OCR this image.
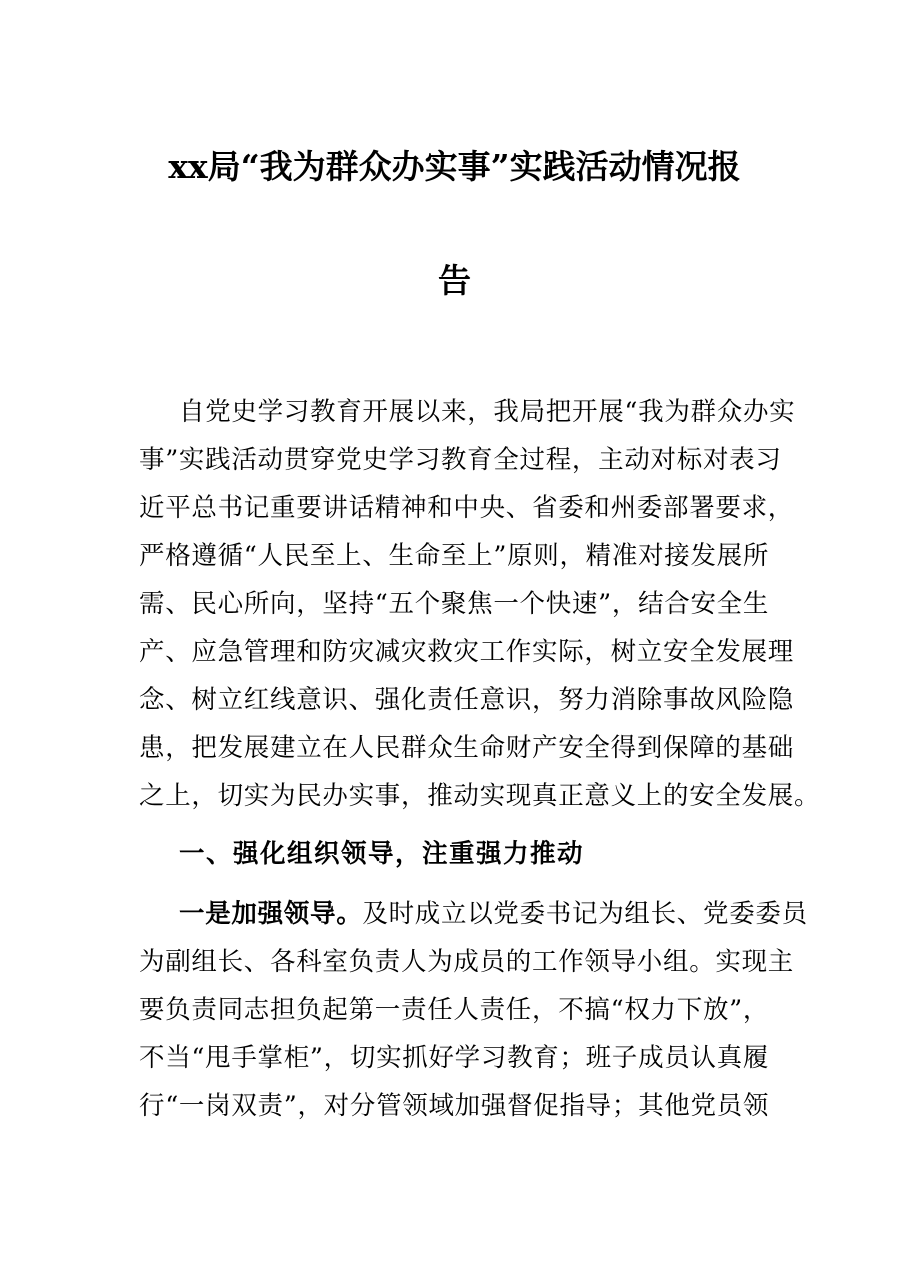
xx局“我为群众办实事”实践活动情况报
告

自党史学习教育开展以来，我局把开展“我为群众办实

事”实践活动贯穿党史学习教育全过程，主动对标对表习

近平总书记重要讲话精神和中央、省委和州委部署要求，

严格遵循“人民至上、生命至上”原则，精准对接发展所

需、民心所向，坚持“五个聚焦一个快速”，结合安全生

产、应急管理和防灾减灾救灾工作实际，树立安全发展理

念、树立红线意识、强化责任意识，努力消除事故风险隐

患，把发展建立在人民群众生命财产安全得到保障的基础

之上，切实为民办实事，推动实现真正意义上的安全发展。

一、强化组织领导，注重强力推动

一是加强领导。及时成立以党委书记为组长、党委委员

为副组长、各科室负责人为成员的工作领导小组。实现主

要负责同志担负起第一责任人责任，不搞“权力下放”，

不当“甩手掌柜”，切实抓好学习教育；班子成员认真履

行“一岗双责”，对分管领域加强督促指导；其他党员领
